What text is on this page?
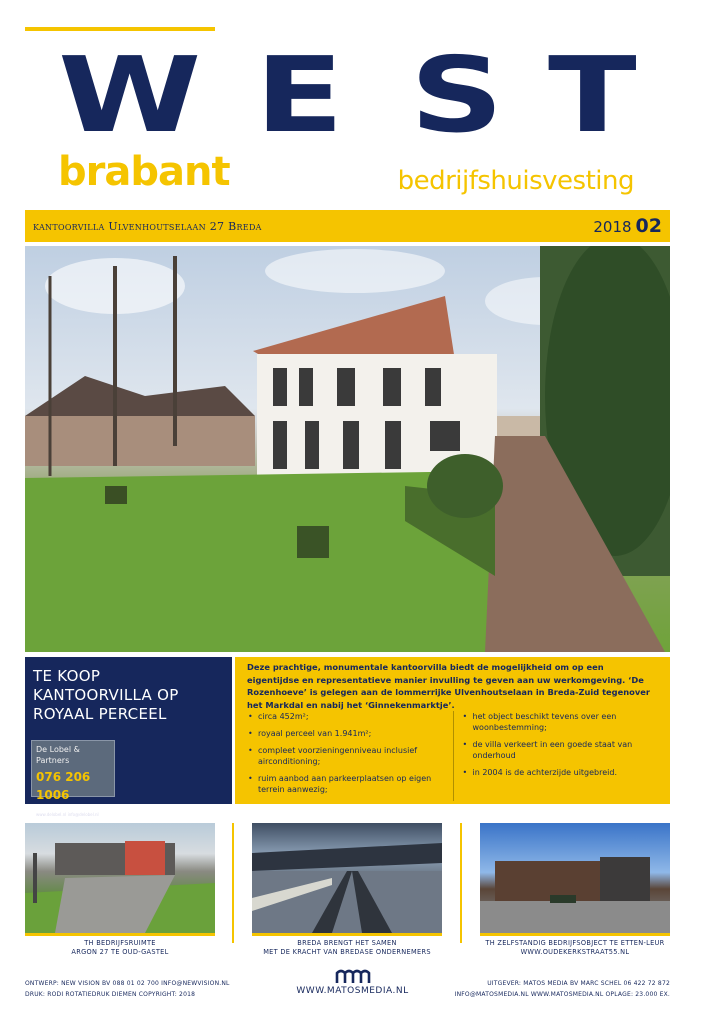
W E S T
brabant	bedrijfshuisvesting
kantoorvilla Ulvenhoutselaan 27 Breda	2018 02
TE KOOP
KANTOORVILLA OP
ROYAAL PERCEEL
De Lobel & Partners
076 206 1006
www.delobel.nl info@delobel.nl

Deze prachtige, monumentale kantoorvilla biedt de mogelijkheid om op een eigentijdse en representatieve manier invulling te geven aan uw werkomgeving. ‘De Rozenhoeve’ is gelegen aan de lommerrijke Ulvenhoutselaan in Breda-Zuid tegenover het Markdal en nabij het ‘Ginnekenmarktje’.

• circa 452m²;
• royaal perceel van 1.941m²;
• compleet voorzieningenniveau inclusief airconditioning;
• ruim aanbod aan parkeerplaatsen op eigen terrein aanwezig;
• het object beschikt tevens over een woonbestemming;
• de villa verkeert in een goede staat van onderhoud
• in 2004 is de achterzijde uitgebreid.
TH BEDRIJFSRUIMTE
ARGON 27 TE OUD-GASTEL
BREDA BRENGT HET SAMEN
MET DE KRACHT VAN BREDASE ONDERNEMERS
TH ZELFSTANDIG BEDRIJFSOBJECT TE ETTEN-LEUR
WWW.OUDEKERKSTRAAT55.NL
ONTWERP: NEW VISION BV 088 01 02 700 INFO@NEWVISION.NL
DRUK: RODI ROTATIEDRUK DIEMEN COPYRIGHT: 2018	WWW.MATOSMEDIA.NL
UITGEVER: MATOS MEDIA BV MARC SCHEL 06 422 72 872
INFO@MATOSMEDIA.NL WWW.MATOSMEDIA.NL OPLAGE: 23.000 EX.
